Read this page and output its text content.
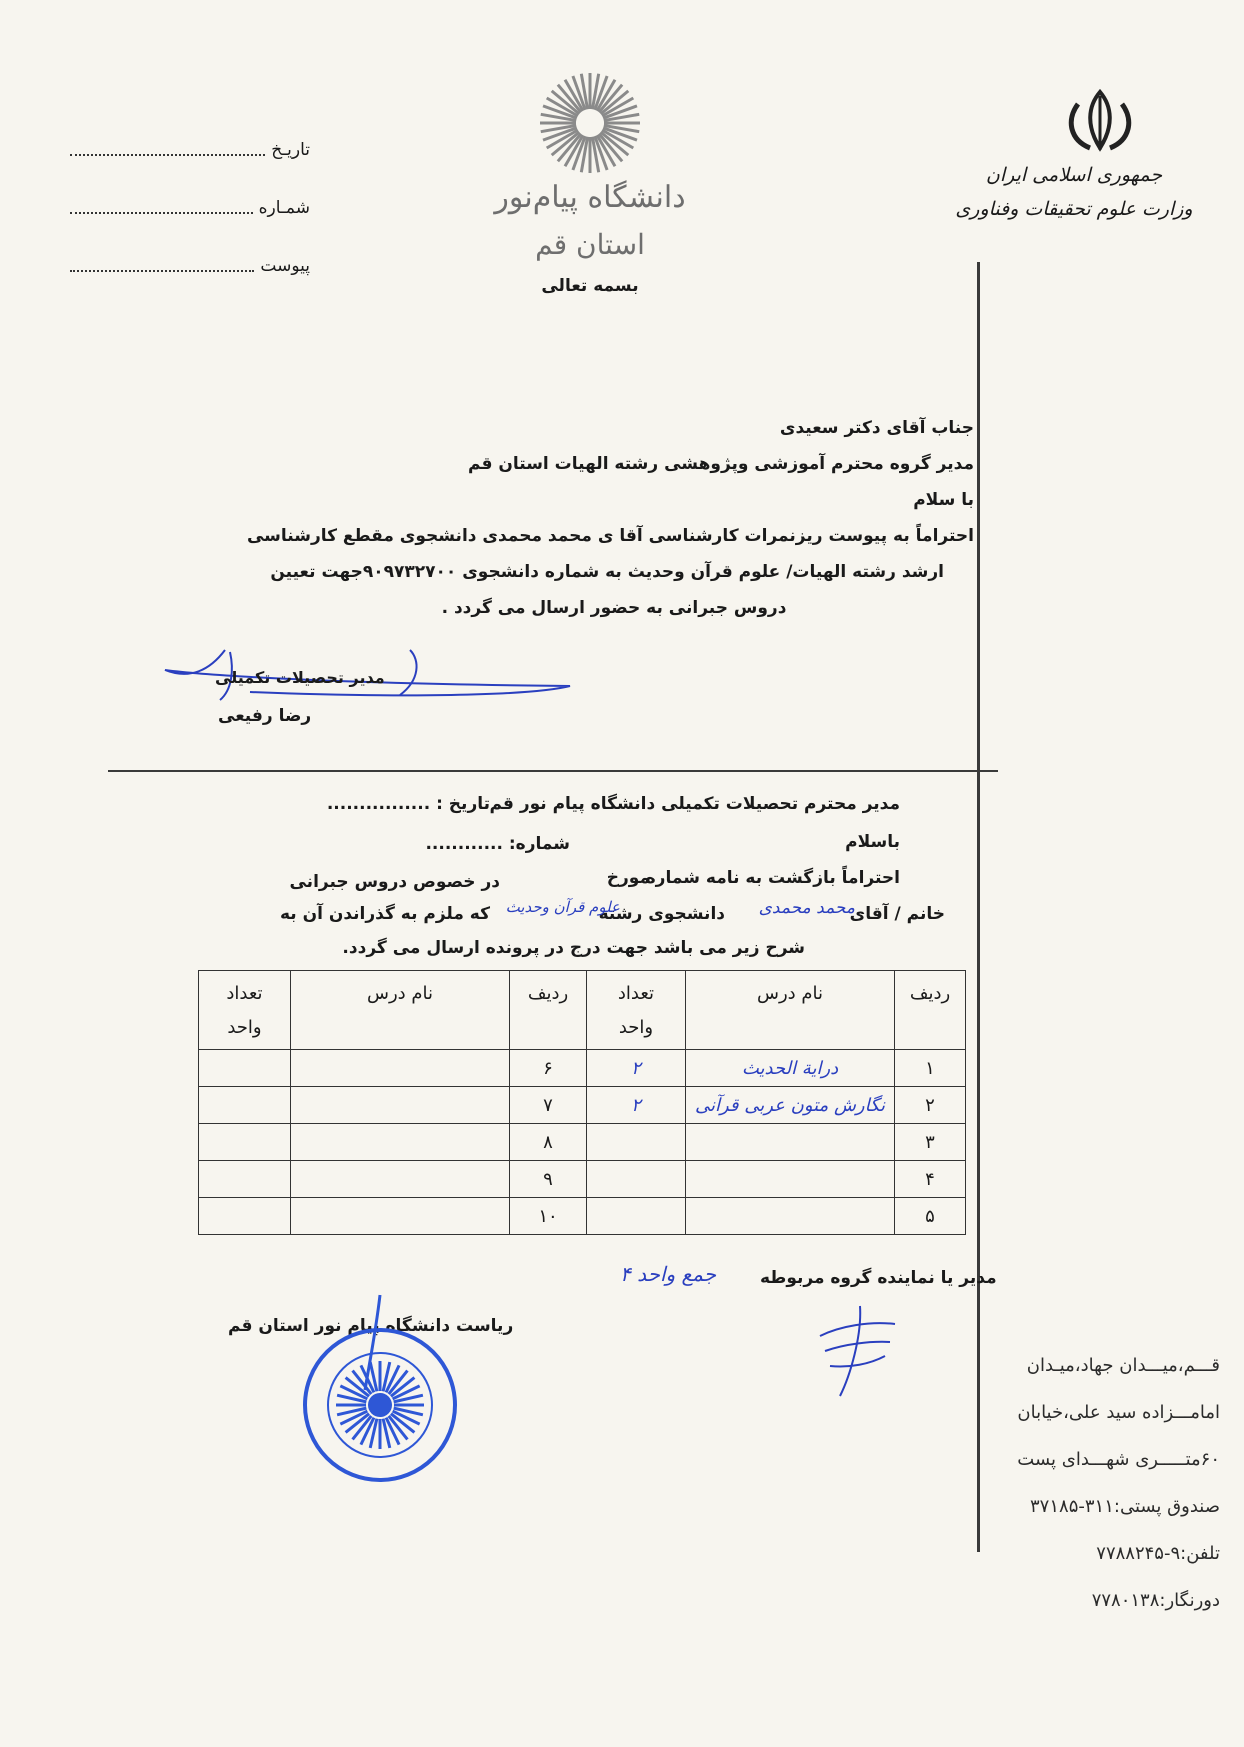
جمهوری اسلامی ایران
وزارت علوم تحقیقات وفناوری
دانشگاه پیام‌نور
استان قم
بسمه تعالی
تاریـخ
شمـاره
پیوست

جناب آقای دکتر سعیدی

مدیر گروه محترم آموزشی وپژوهشی رشته الهیات استان قم

با سلام

احتراماً به پیوست ریزنمرات کارشناسی آقا ی محمد محمدی دانشجوی مقطع کارشناسی

ارشد رشته الهیات/ علوم قرآن وحدیث به شماره دانشجوی ۹۰۹۷۳۲۷۰۰جهت تعیین

دروس جبرانی به حضور ارسال می گردد .

مدیر تحصیلات تکمیلی
رضا رفیعی
مدیر محترم تحصیلات تکمیلی دانشگاه پیام نور قم
تاریخ : ................
شماره: ............	باسلام
احتراماً بازگشت به نامه شماره
مورخ
در خصوص دروس جبرانی
خانم / آقای
محمد محمدی
دانشجوی رشته
علوم قرآن وحدیث
که ملزم به گذراندن آن به
شرح زیر می باشد جهت درج در پرونده ارسال می گردد.
ردیف	نام درس	تعداد
واحد	ردیف	نام درس	تعداد
واحد
۱	درایة الحدیث	۲	۶		
۲	نگارش متون عربی قرآنی	۲	۷		
۳			۸		
۴			۹		
۵			۱۰		
مدیر یا نماینده گروه مربوطه
جمع واحد ۴
ریاست دانشگاه پیام نور استان قم
قـــم،میـــدان جهاد،میـدان
امامـــزاده سید علی،خیابان
۶۰متـــــری شهـــدای پست
صندوق پستی:۳۱۱-۳۷۱۸۵
تلفن:۹-۷۷۸۸۲۴۵
دورنگار:۷۷۸۰۱۳۸
